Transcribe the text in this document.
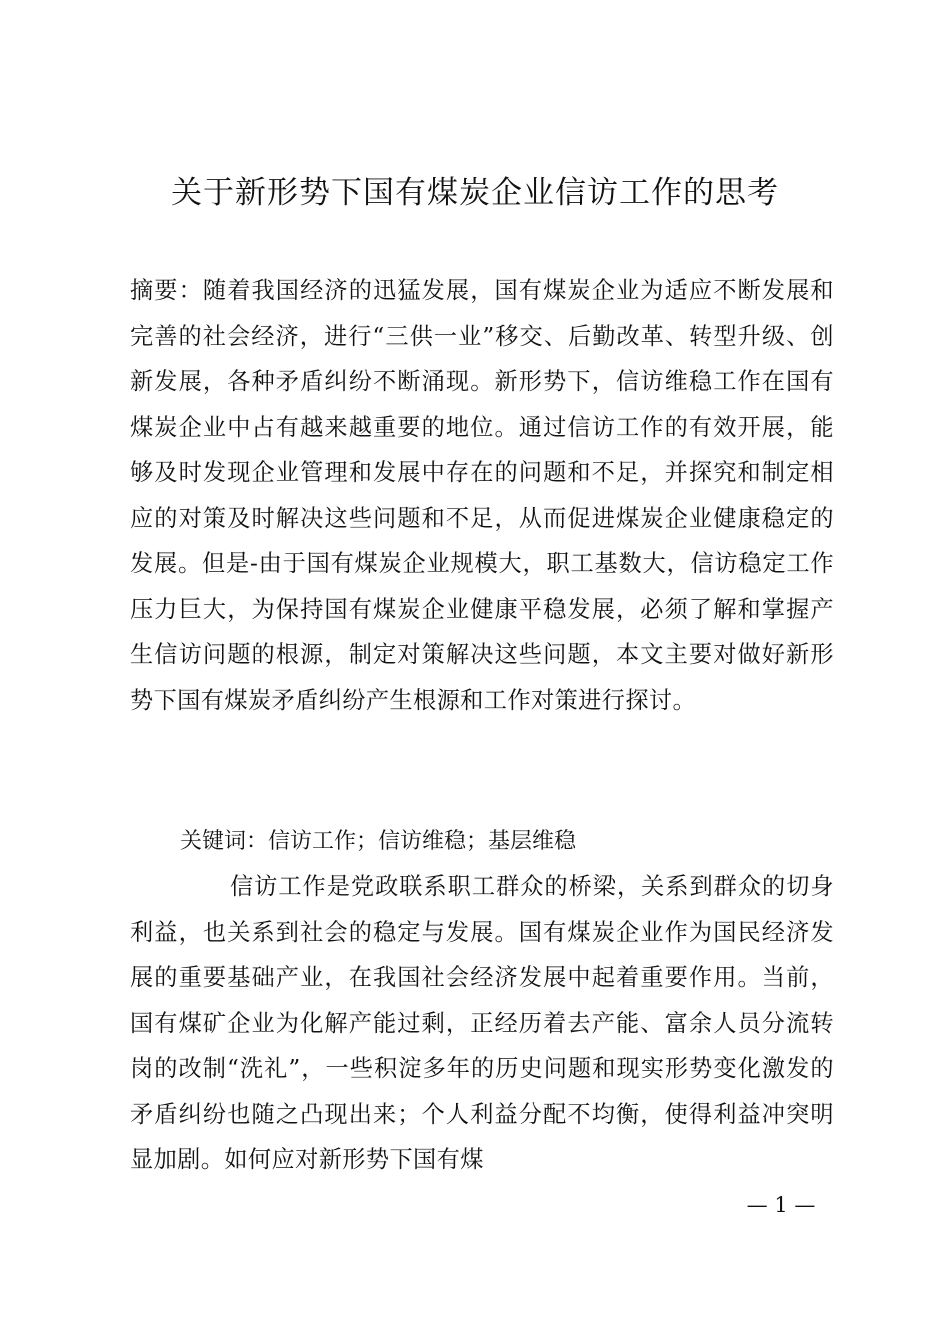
关于新形势下国有煤炭企业信访工作的思考
摘要：随着我国经济的迅猛发展，国有煤炭企业为适应不断发展和完善的社会经济，进行“三供一业”移交、后勤改革、转型升级、创新发展，各种矛盾纠纷不断涌现。新形势下，信访维稳工作在国有煤炭企业中占有越来越重要的地位。通过信访工作的有效开展，能够及时发现企业管理和发展中存在的问题和不足，并探究和制定相应的对策及时解决这些问题和不足，从而促进煤炭企业健康稳定的发展。但是-由于国有煤炭企业规模大，职工基数大，信访稳定工作压力巨大，为保持国有煤炭企业健康平稳发展，必须了解和掌握产生信访问题的根源，制定对策解决这些问题，本文主要对做好新形势下国有煤炭矛盾纠纷产生根源和工作对策进行探讨。
关键词：信访工作；信访维稳；基层维稳
信访工作是党政联系职工群众的桥梁，关系到群众的切身利益，也关系到社会的稳定与发展。国有煤炭企业作为国民经济发展的重要基础产业，在我国社会经济发展中起着重要作用。当前，国有煤矿企业为化解产能过剩，正经历着去产能、富余人员分流转岗的改制“洗礼”，一些积淀多年的历史问题和现实形势变化激发的矛盾纠纷也随之凸现出来；个人利益分配不均衡，使得利益冲突明显加剧。如何应对新形势下国有煤
— 1 —
